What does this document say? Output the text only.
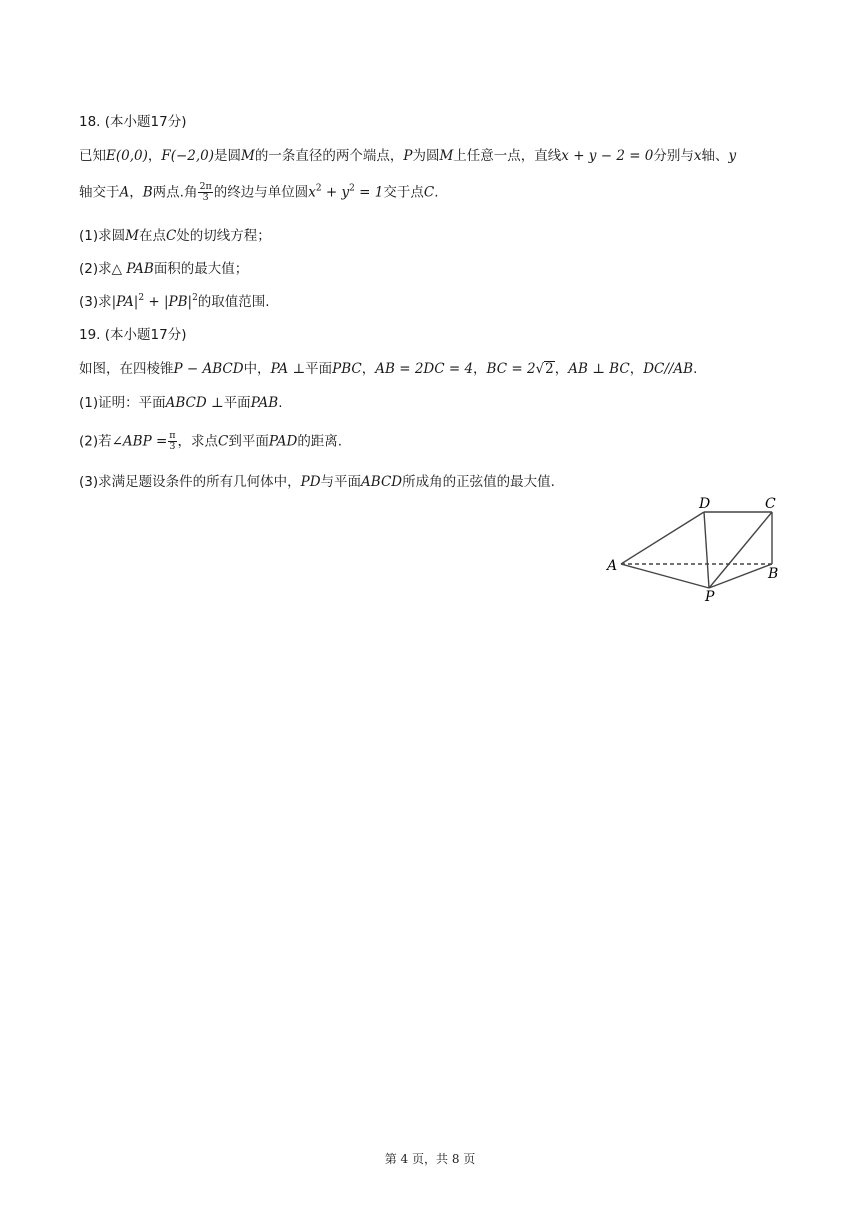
18. (本小题17分)
已知E(0,0)，F(−2,0)是圆M的一条直径的两个端点，P为圆M上任意一点，直线x + y − 2 = 0分别与x轴、y
轴交于A，B两点.角 $\frac{2\pi}{3}$ 的终边与单位圆$x^2 + y^2 = 1$交于点C.
(1)求圆M在点C处的切线方程；
(2)求△ PAB面积的最大值；
(3)求$|PA|^2 + |PB|^2$的取值范围.
19. (本小题17分)
如图，在四棱锥P − ABCD中，PA ⊥平面PBC，AB = 2DC = 4，BC = 2√2，AB ⊥ BC，DC//AB.
(1)证明：平面ABCD ⊥平面PAB.
(2)若∠ABP = $\frac{\pi}{3}$ ，求点C到平面PAD的距离.
(3)求满足题设条件的所有几何体中，PD与平面ABCD所成角的正弦值的最大值.
A
D	C
B
P
第 4 页，共 8 页
